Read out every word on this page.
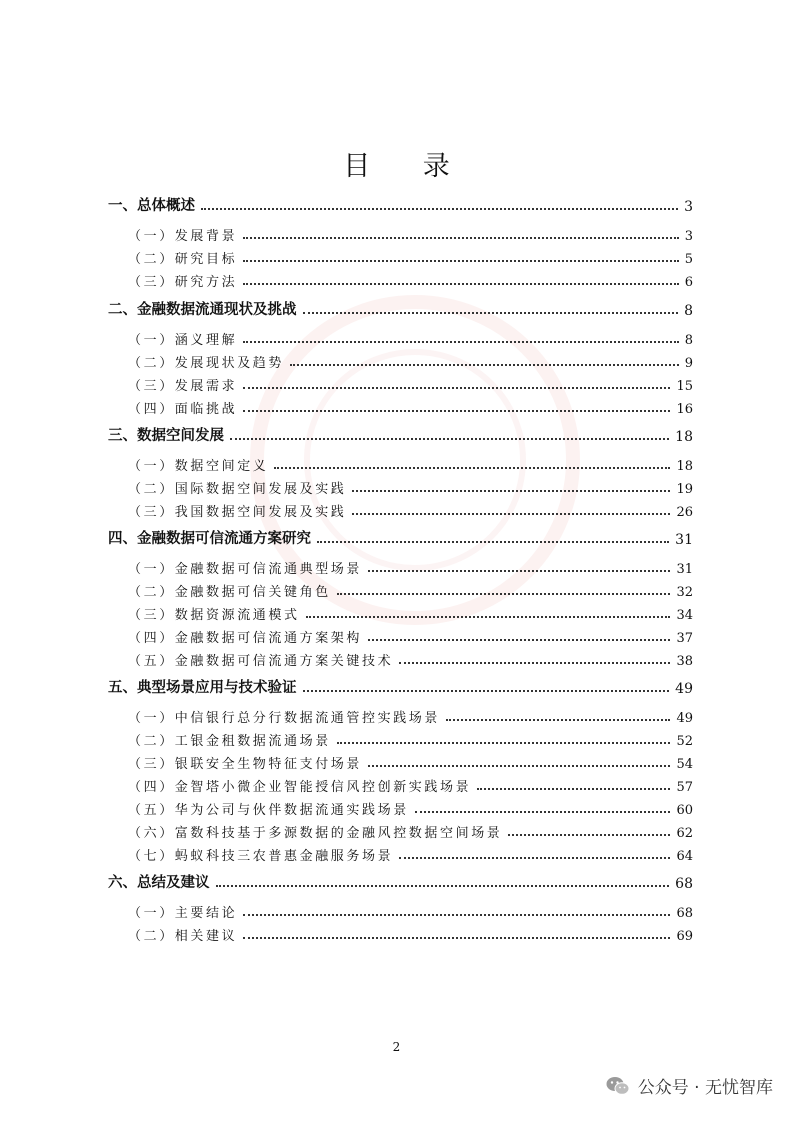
目 录
一、总体概述	3
（一）发展背景	3
（二）研究目标	5
（三）研究方法	6
二、金融数据流通现状及挑战	8
（一）涵义理解	8
（二）发展现状及趋势	9
（三）发展需求	15
（四）面临挑战	16
三、数据空间发展	18
（一）数据空间定义	18
（二）国际数据空间发展及实践	19
（三）我国数据空间发展及实践	26
四、金融数据可信流通方案研究	31
（一）金融数据可信流通典型场景	31
（二）金融数据可信关键角色	32
（三）数据资源流通模式	34
（四）金融数据可信流通方案架构	37
（五）金融数据可信流通方案关键技术	38
五、典型场景应用与技术验证	49
（一）中信银行总分行数据流通管控实践场景	49
（二）工银金租数据流通场景	52
（三）银联安全生物特征支付场景	54
（四）金智塔小微企业智能授信风控创新实践场景	57
（五）华为公司与伙伴数据流通实践场景	60
（六）富数科技基于多源数据的金融风控数据空间场景	62
（七）蚂蚁科技三农普惠金融服务场景	64
六、总结及建议	68
（一）主要结论	68
（二）相关建议	69
2
公众号 · 无忧智库
